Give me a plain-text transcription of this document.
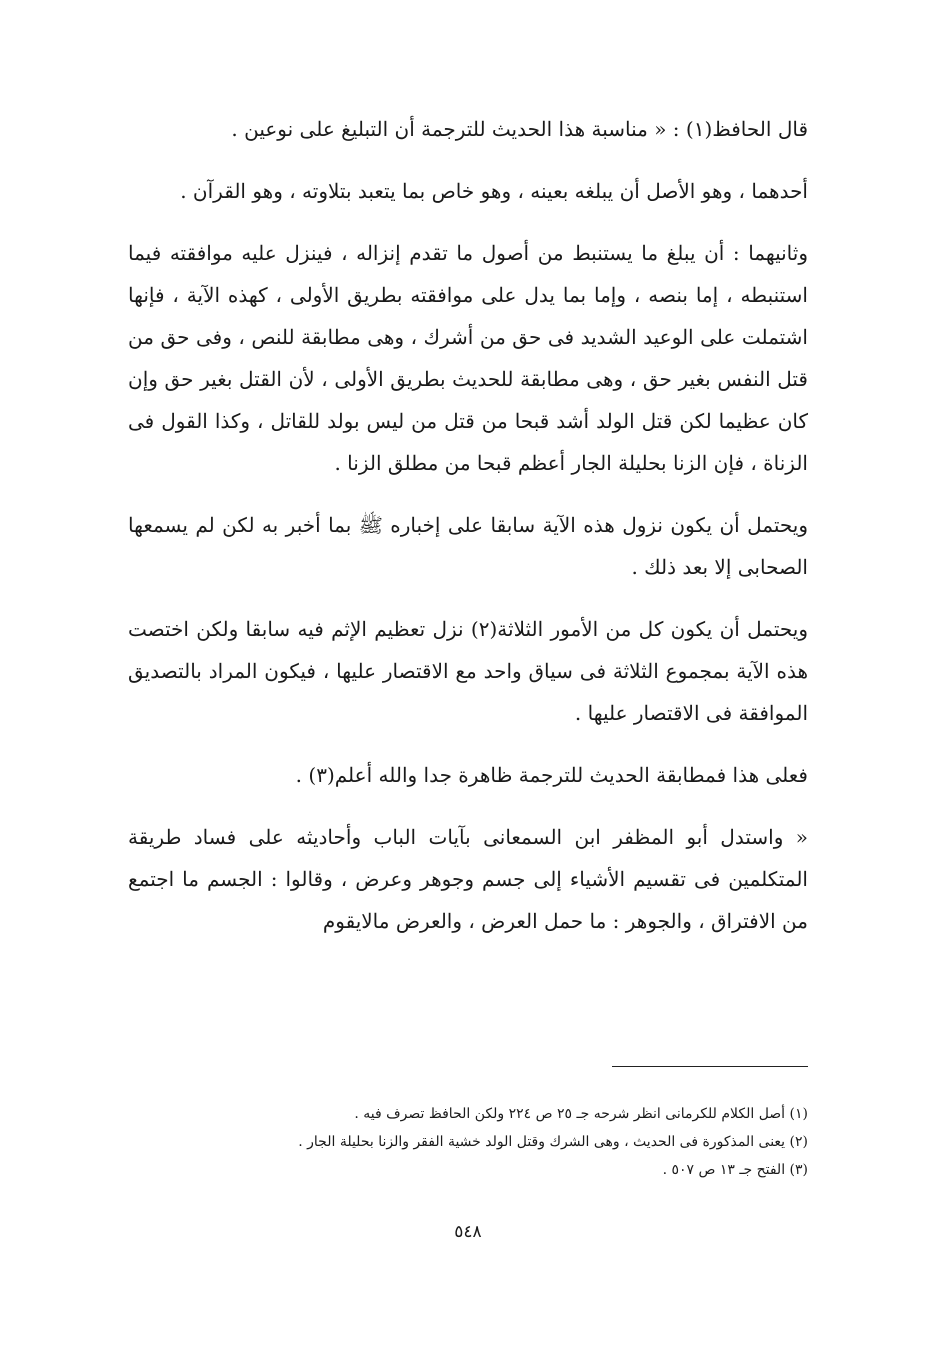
قال الحافظ(١) : « مناسبة هذا الحديث للترجمة أن التبليغ على نوعين .

أحدهما ، وهو الأصل أن يبلغه بعينه ، وهو خاص بما يتعبد بتلاوته ، وهو القرآن .

وثانيهما : أن يبلغ ما يستنبط من أصول ما تقدم إنزاله ، فينزل عليه موافقته فيما استنبطه ، إما بنصه ، وإما بما يدل على موافقته بطريق الأولى ، كهذه الآية ، فإنها اشتملت على الوعيد الشديد فى حق من أشرك ، وهى مطابقة للنص ، وفى حق من قتل النفس بغير حق ، وهى مطابقة للحديث بطريق الأولى ، لأن القتل بغير حق وإن كان عظيما لكن قتل الولد أشد قبحا من قتل من ليس بولد للقاتل ، وكذا القول فى الزناة ، فإن الزنا بحليلة الجار أعظم قبحا من مطلق الزنا .

ويحتمل أن يكون نزول هذه الآية سابقا على إخباره ﷺ بما أخبر به لكن لم يسمعها الصحابى إلا بعد ذلك .

ويحتمل أن يكون كل من الأمور الثلاثة(٢) نزل تعظيم الإثم فيه سابقا ولكن اختصت هذه الآية بمجموع الثلاثة فى سياق واحد مع الاقتصار عليها ، فيكون المراد بالتصديق الموافقة فى الاقتصار عليها .

فعلى هذا فمطابقة الحديث للترجمة ظاهرة جدا والله أعلم(٣) .

« واستدل أبو المظفر ابن السمعانى بآيات الباب وأحاديثه على فساد طريقة المتكلمين فى تقسيم الأشياء إلى جسم وجوهر وعرض ، وقالوا : الجسم ما اجتمع من الافتراق ، والجوهر : ما حمل العرض ، والعرض مالايقوم

(١) أصل الكلام للكرمانى انظر شرحه جـ ٢٥ ص ٢٢٤ ولكن الحافظ تصرف فيه .

(٢) يعنى المذكورة فى الحديث ، وهى الشرك وقتل الولد خشية الفقر والزنا بحليلة الجار .

(٣) الفتح جـ ١٣ ص ٥٠٧ .

٥٤٨
